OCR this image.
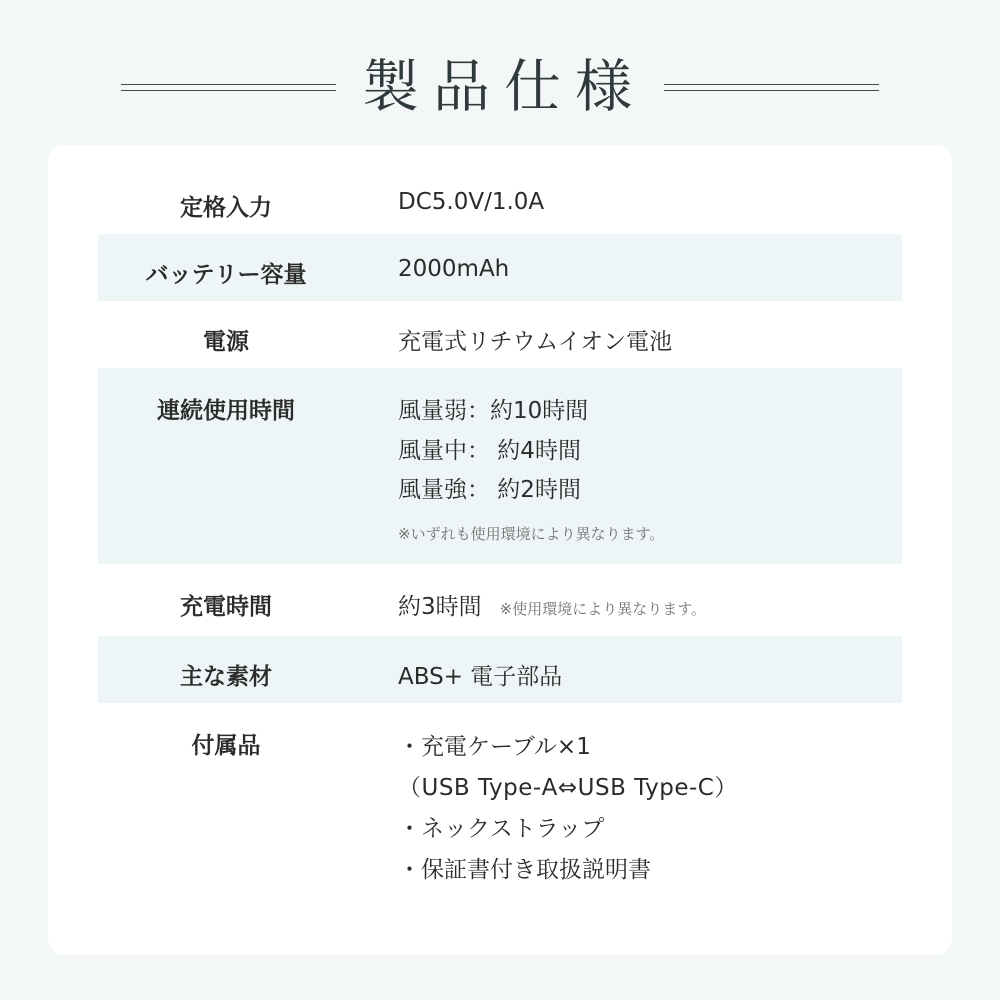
製品仕様
定格入力	DC5.0V/1.0A
バッテリー容量	2000mAh
電源	充電式リチウムイオン電池
連続使用時間	風量弱：約10時間
風量中： 約4時間
風量強： 約2時間
※いずれも使用環境により異なります。
充電時間	約3時間 ※使用環境により異なります。
主な素材	ABS+ 電子部品
付属品	・充電ケーブル×1
（USB Type‑A⇔USB Type‑C）
・ネックストラップ
・保証書付き取扱説明書
